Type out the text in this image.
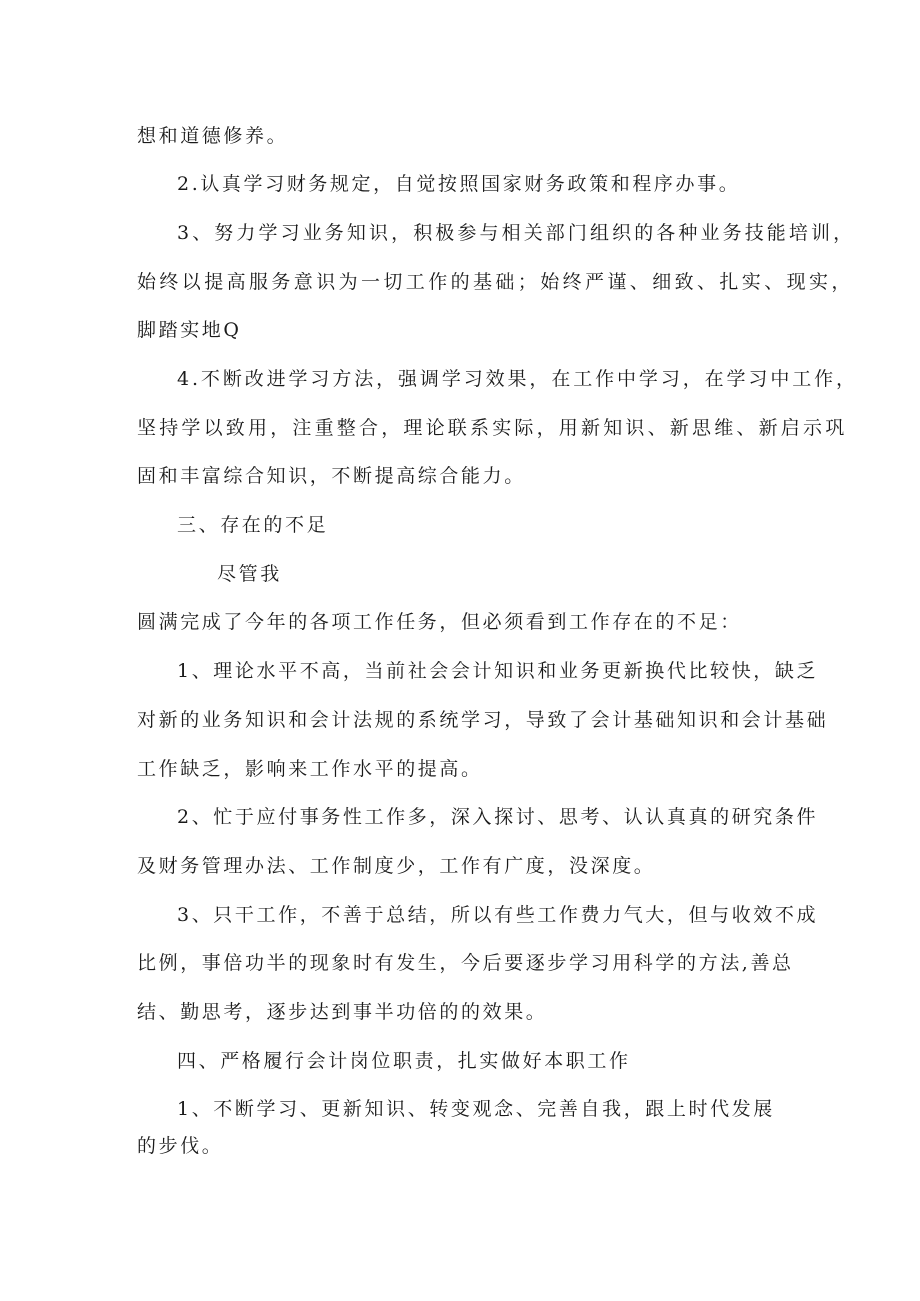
想和道德修养。
2.认真学习财务规定，自觉按照国家财务政策和程序办事。
3、努力学习业务知识，积极参与相关部门组织的各种业务技能培训，
始终以提高服务意识为一切工作的基础；始终严谨、细致、扎实、现实，
脚踏实地Q
4.不断改进学习方法，强调学习效果，在工作中学习，在学习中工作，
坚持学以致用，注重整合，理论联系实际，用新知识、新思维、新启示巩
固和丰富综合知识，不断提高综合能力。
三、存在的不足
尽管我
圆满完成了今年的各项工作任务，但必须看到工作存在的不足：
1、理论水平不高，当前社会会计知识和业务更新换代比较快，缺乏
对新的业务知识和会计法规的系统学习，导致了会计基础知识和会计基础
工作缺乏，影响来工作水平的提高。
2、忙于应付事务性工作多，深入探讨、思考、认认真真的研究条件
及财务管理办法、工作制度少，工作有广度，没深度。
3、只干工作，不善于总结，所以有些工作费力气大，但与收效不成
比例，事倍功半的现象时有发生，今后要逐步学习用科学的方法,善总
结、勤思考，逐步达到事半功倍的的效果。
四、严格履行会计岗位职责，扎实做好本职工作
1、不断学习、更新知识、转变观念、完善自我，跟上时代发展
的步伐。
